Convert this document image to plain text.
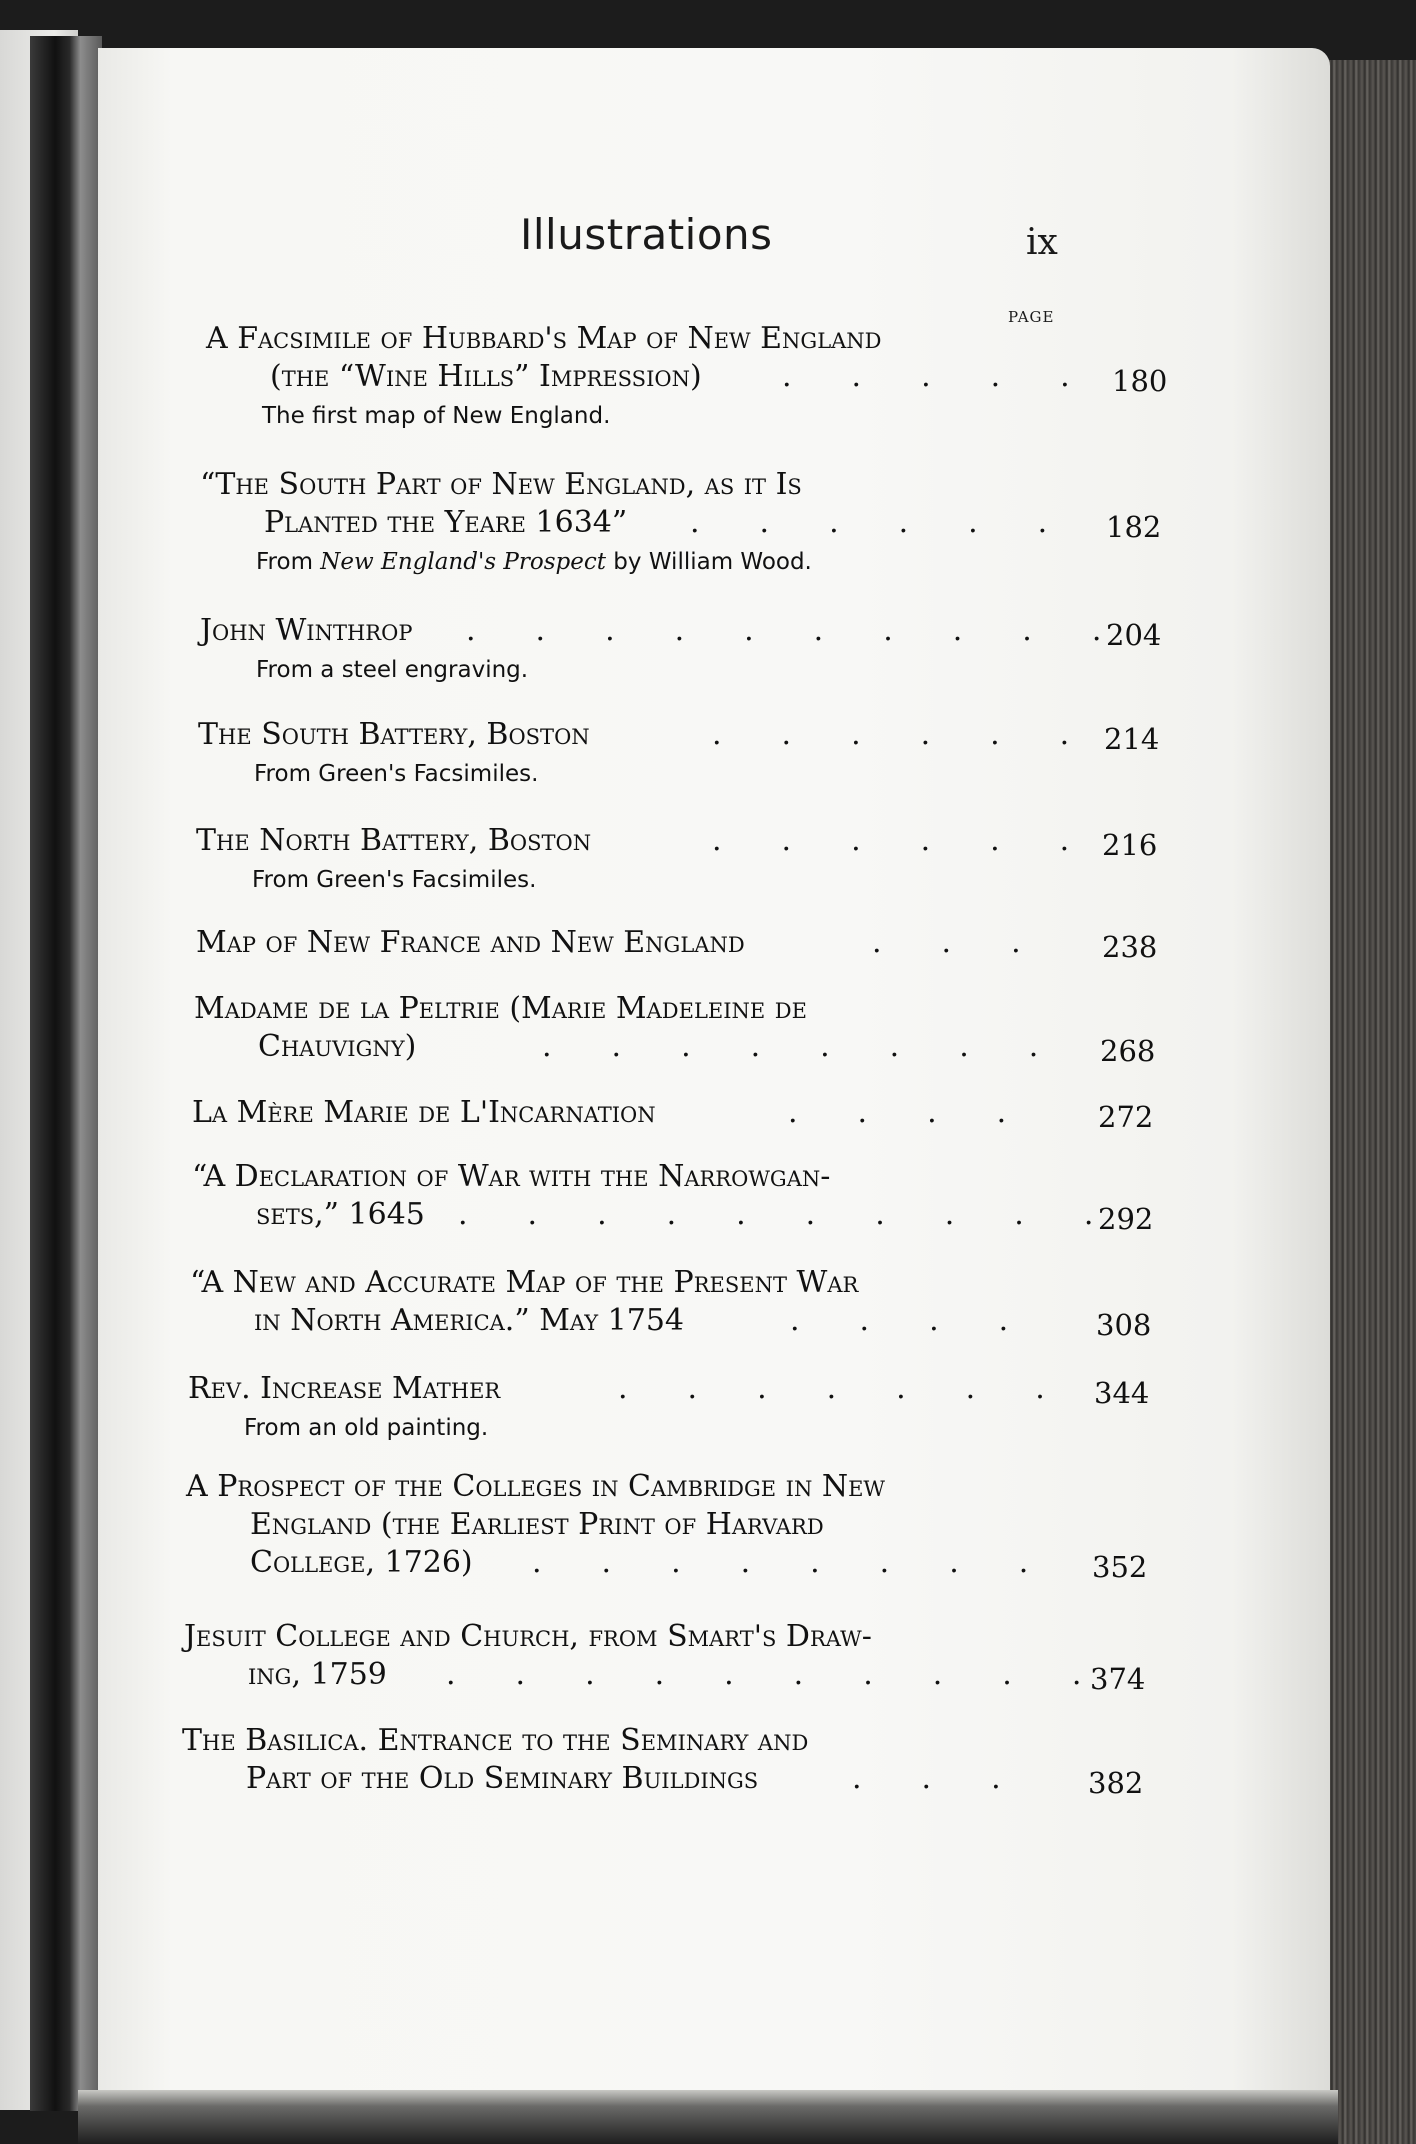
Illustrations	ix
PAGE
A Facsimile of Hubbard's Map of New England
(the “Wine Hills” Impression)	.  .  .  .  . 180
The first map of New England.
“The South Part of New England, as it Is
Planted the Yeare 1634” .  .  .  .  .  . 182
From New England's Prospect by William Wood.
John Winthrop .  .  .  .  .  .  .  .  .  . 204
From a steel engraving.
The South Battery, Boston	.  .  .  .  .  . 214
From Green's Facsimiles.
The North Battery, Boston	.  .  .  .  .  . 216
From Green's Facsimiles.
Map of New France and New England	.  .  .	238
Madame de la Peltrie (Marie Madeleine de
Chauvigny)	.  .  .  .  .  .  .  . 268
La Mère Marie de L'Incarnation	.  .  .  .	272
“A Declaration of War with the Narrowgan-
sets,” 1645 .  .  .  .  .  .  .  .  .  . 292
“A New and Accurate Map of the Present War
in North America.” May 1754	.  .  .  .	308
Rev. Increase Mather	.  .  .  .  .  .  . 344
From an old painting.
A Prospect of the Colleges in Cambridge in New
England (the Earliest Print of Harvard
College, 1726) .  .  .  .  .  .  .  . 352
Jesuit College and Church, from Smart's Draw-
ing, 1759 .  .  .  .  .  .  .  .  .  . 374
The Basilica. Entrance to the Seminary and
Part of the Old Seminary Buildings	.  .  .	382
